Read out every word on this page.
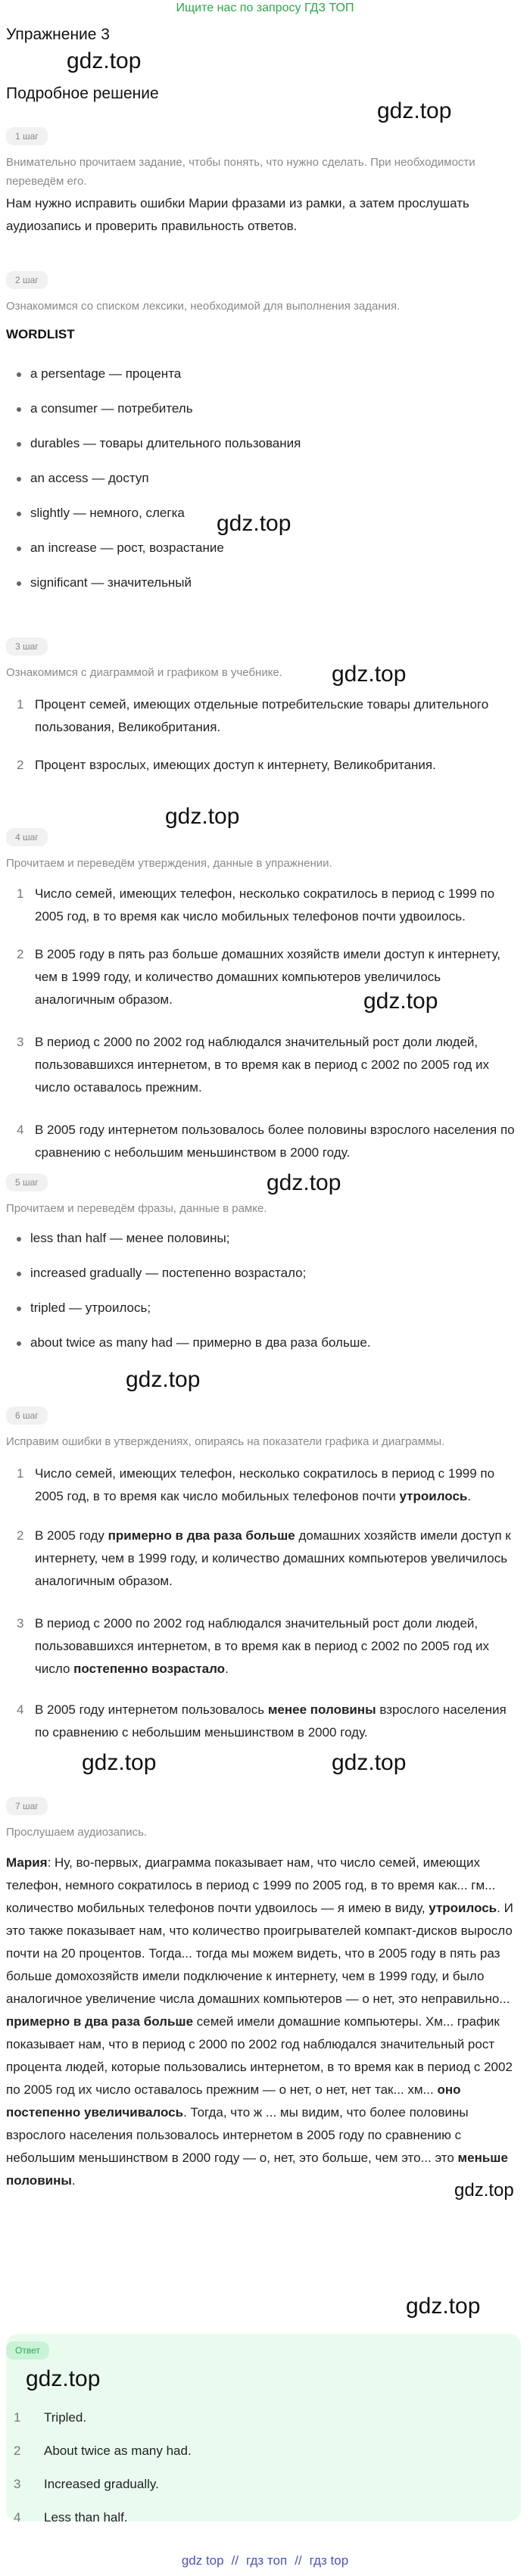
Ищите нас по запросу ГДЗ ТОП
Упражнение 3
gdz.top
Подробное решение
gdz.top
1 шаг
Внимательно прочитаем задание, чтобы понять, что нужно сделать. При необходимости переведём его.
Нам нужно исправить ошибки Марии фразами из рамки, а затем прослушать аудиозапись и проверить правильность ответов.
2 шаг
Ознакомимся со списком лексики, необходимой для выполнения задания.
WORDLIST
a persentage — процента
a consumer — потребитель
durables — товары длительного пользования
an access — доступ
gdz.top
slightly — немного, слегка
an increase — рост, возрастание
significant — значительный
3 шаг
Ознакомимся с диаграммой и графиком в учебнике.	gdz.top
1 Процент семей, имеющих отдельные потребительские товары длительного пользования, Великобритания.
2 Процент взрослых, имеющих доступ к интернету, Великобритания.
gdz.top
4 шаг
Прочитаем и переведём утверждения, данные в упражнении.
1 Число семей, имеющих телефон, несколько сократилось в период с 1999 по 2005 год, в то время как число мобильных телефонов почти удвоилось.
2 В 2005 году в пять раз больше домашних хозяйств имели доступ к интернету, чем в 1999 году, и количество домашних компьютеров увеличилось аналогичным образом.	gdz.top
3 В период с 2000 по 2002 год наблюдался значительный рост доли людей, пользовавшихся интернетом, в то время как в период с 2002 по 2005 год их число оставалось прежним.
4 В 2005 году интернетом пользовалось более половины взрослого населения по сравнению с небольшим меньшинством в 2000 году.
gdz.top
5 шаг
Прочитаем и переведём фразы, данные в рамке.
less than half — менее половины;
increased gradually — постепенно возрастало;
tripled — утроилось;
about twice as many had — примерно в два раза больше.
gdz.top
6 шаг
Исправим ошибки в утверждениях, опираясь на показатели графика и диаграммы.
1 Число семей, имеющих телефон, несколько сократилось в период с 1999 по 2005 год, в то время как число мобильных телефонов почти утроилось.
2 В 2005 году примерно в два раза больше домашних хозяйств имели доступ к интернету, чем в 1999 году, и количество домашних компьютеров увеличилось аналогичным образом.
3 В период с 2000 по 2002 год наблюдался значительный рост доли людей, пользовавшихся интернетом, в то время как в период с 2002 по 2005 год их число постепенно возрастало.
4 В 2005 году интернетом пользовалось менее половины взрослого населения по сравнению с небольшим меньшинством в 2000 году.
gdz.top	gdz.top
7 шаг
Прослушаем аудиозапись.
Мария: Ну, во-первых, диаграмма показывает нам, что число семей, имеющих телефон, немного сократилось в период с 1999 по 2005 год, в то время как... гм... количество мобильных телефонов почти удвоилось — я имею в виду, утроилось. И это также показывает нам, что количество проигрывателей компакт-дисков выросло почти на 20 процентов. Тогда... тогда мы можем видеть, что в 2005 году в пять раз больше домохозяйств имели подключение к интернету, чем в 1999 году, и было аналогичное увеличение числа домашних компьютеров — о нет, это неправильно... примерно в два раза больше семей имели домашние компьютеры. Хм... график показывает нам, что в период с 2000 по 2002 год наблюдался значительный рост процента людей, которые пользовались интернетом, в то время как в период с 2002 по 2005 год их число оставалось прежним — о нет, о нет, нет так... хм... оно постепенно увеличивалось. Тогда, что ж ... мы видим, что более половины взрослого населения пользовалось интернетом в 2005 году по сравнению с небольшим меньшинством в 2000 году — о, нет, это больше, чем это... это меньше половины.	gdz.top
gdz.top
Ответ
gdz.top
1 Tripled.
2 About twice as many had.
3 Increased gradually.
4 Less than half.
gdz top // гдз топ // гдз top
